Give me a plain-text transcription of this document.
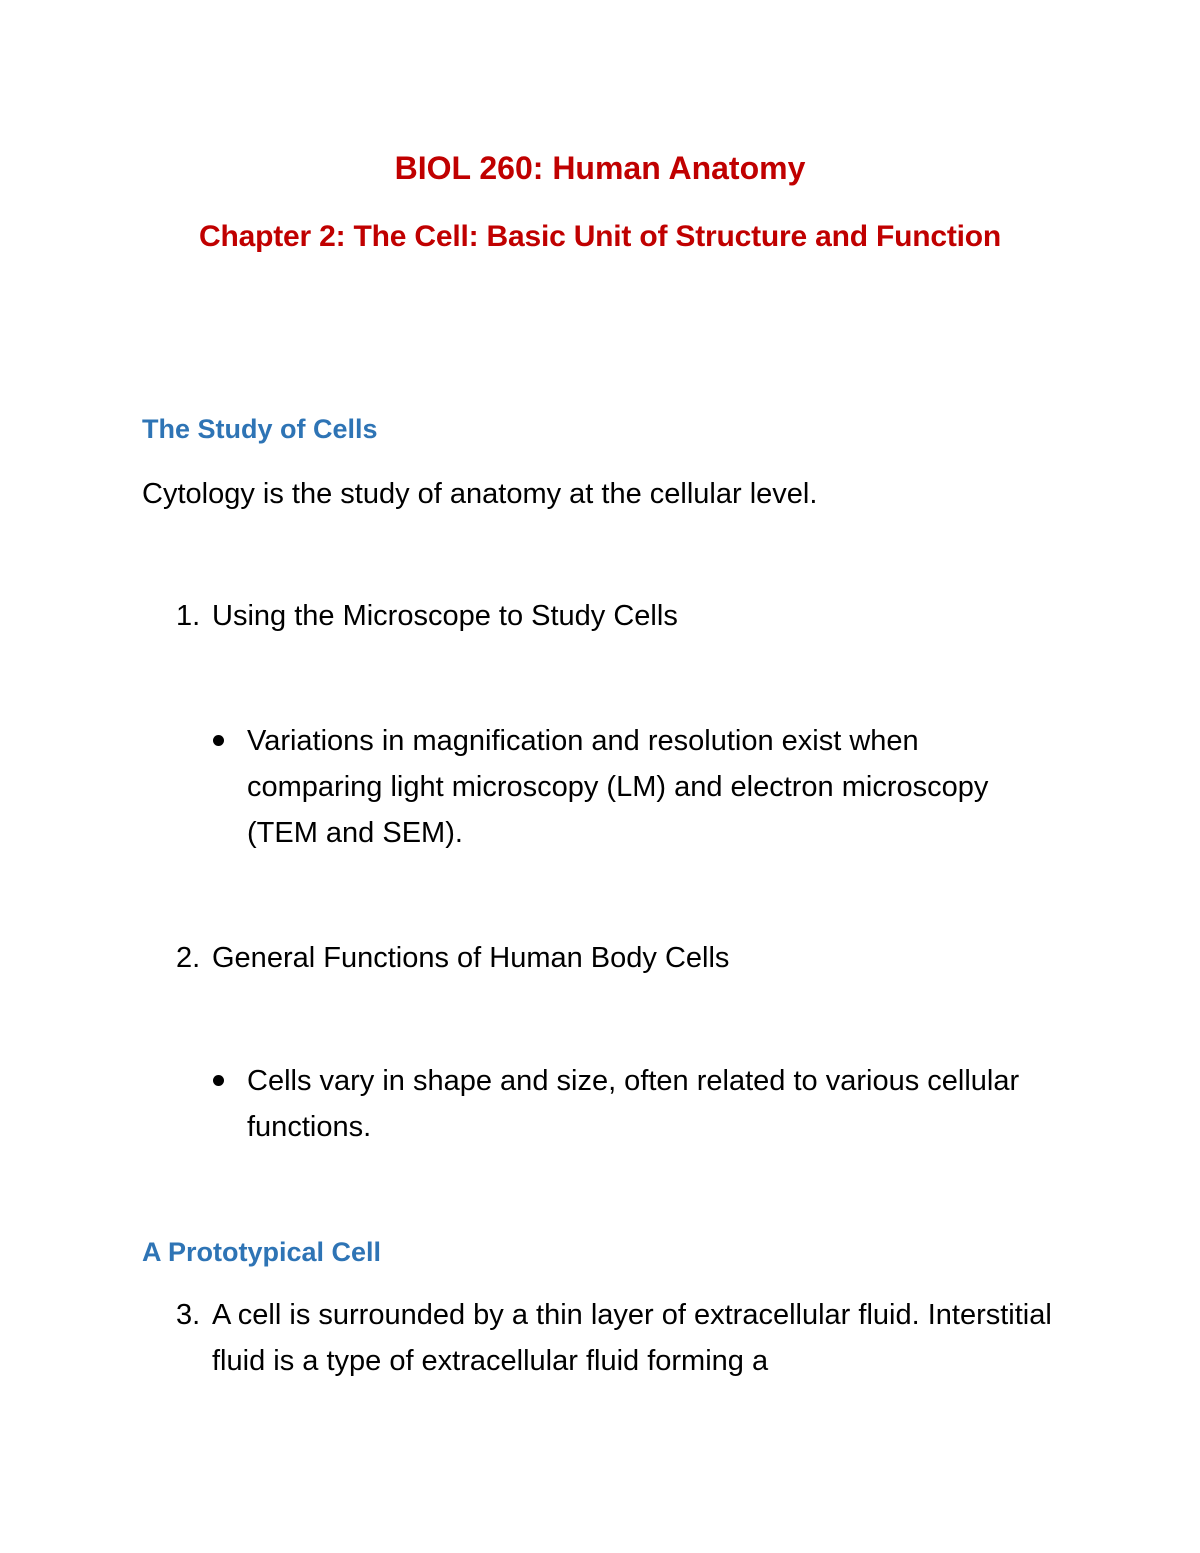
BIOL 260: Human Anatomy
Chapter 2: The Cell: Basic Unit of Structure and Function
The Study of Cells
Cytology is the study of anatomy at the cellular level.
1. Using the Microscope to Study Cells
Variations in magnification and resolution exist when comparing light microscopy (LM) and electron microscopy (TEM and SEM).
2. General Functions of Human Body Cells
Cells vary in shape and size, often related to various cellular functions.
A Prototypical Cell
3. A cell is surrounded by a thin layer of extracellular fluid. Interstitial fluid is a type of extracellular fluid forming a
